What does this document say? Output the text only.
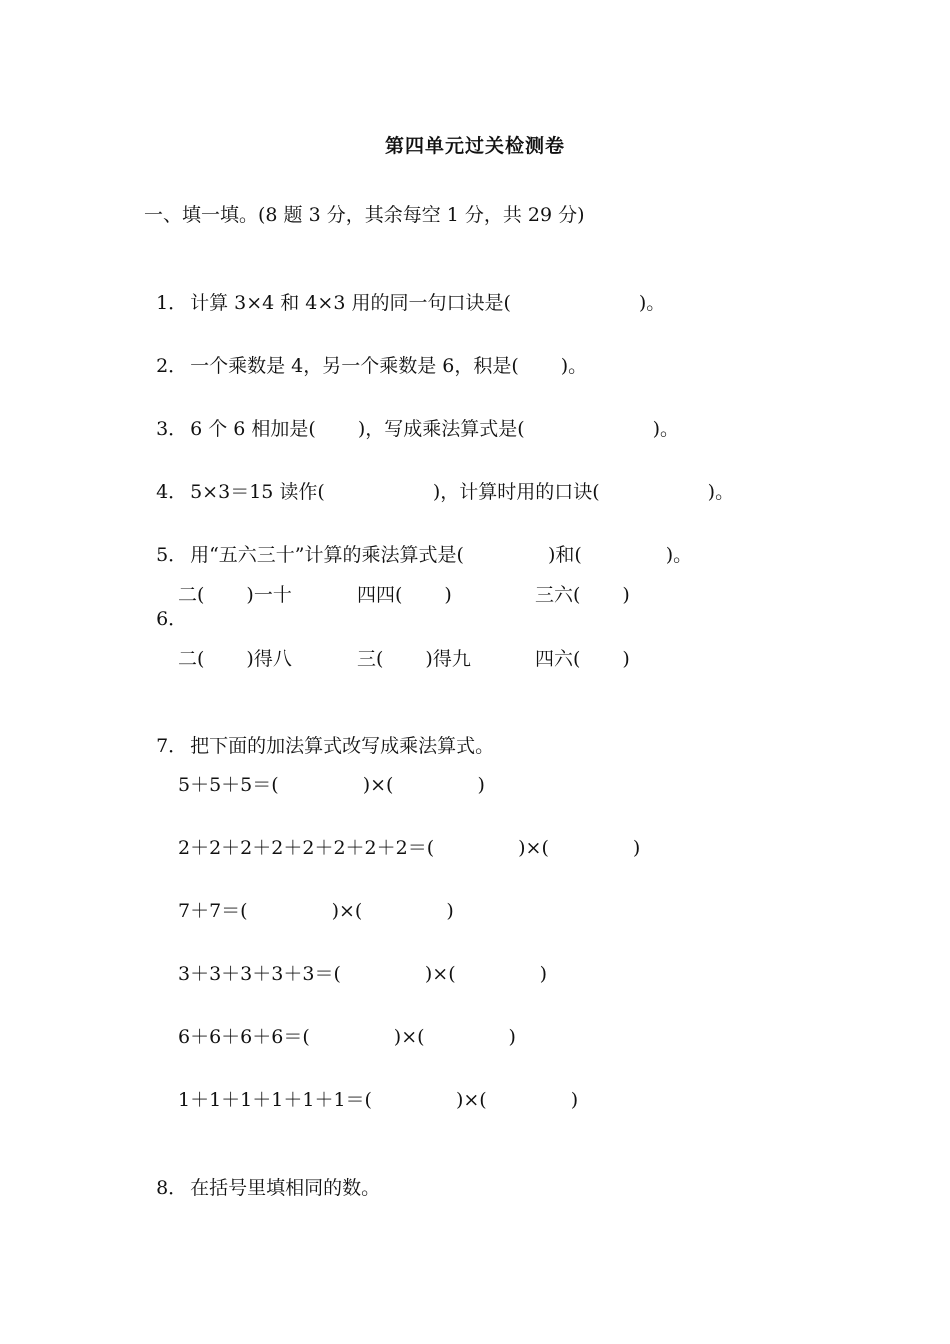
第四单元过关检测卷
一、填一填。(8 题 3 分，其余每空 1 分，共 29 分)

1． 计算 3×4 和 4×3 用的同一句口诀是(	)。

2． 一个乘数是 4，另一个乘数是 6，积是( )。

3． 6 个 6 相加是( )，写成乘法算式是(	)。

4． 5×3＝15 读作(	)，计算时用的口诀(	)。

5． 用“五六三十”计算的乘法算式是(	)和(	)。

6．

二( )一十	四四( )	三六( )
二( )得八	三( )得九	四六( )

7． 把下面的加法算式改写成乘法算式。

5＋5＋5＝(	)×(	)
2＋2＋2＋2＋2＋2＋2＋2＝(	)×(	)
7＋7＝(	)×(	)
3＋3＋3＋3＋3＝(	)×(	)
6＋6＋6＋6＝(	)×(	)
1＋1＋1＋1＋1＋1＝(	)×(	)

8． 在括号里填相同的数。
